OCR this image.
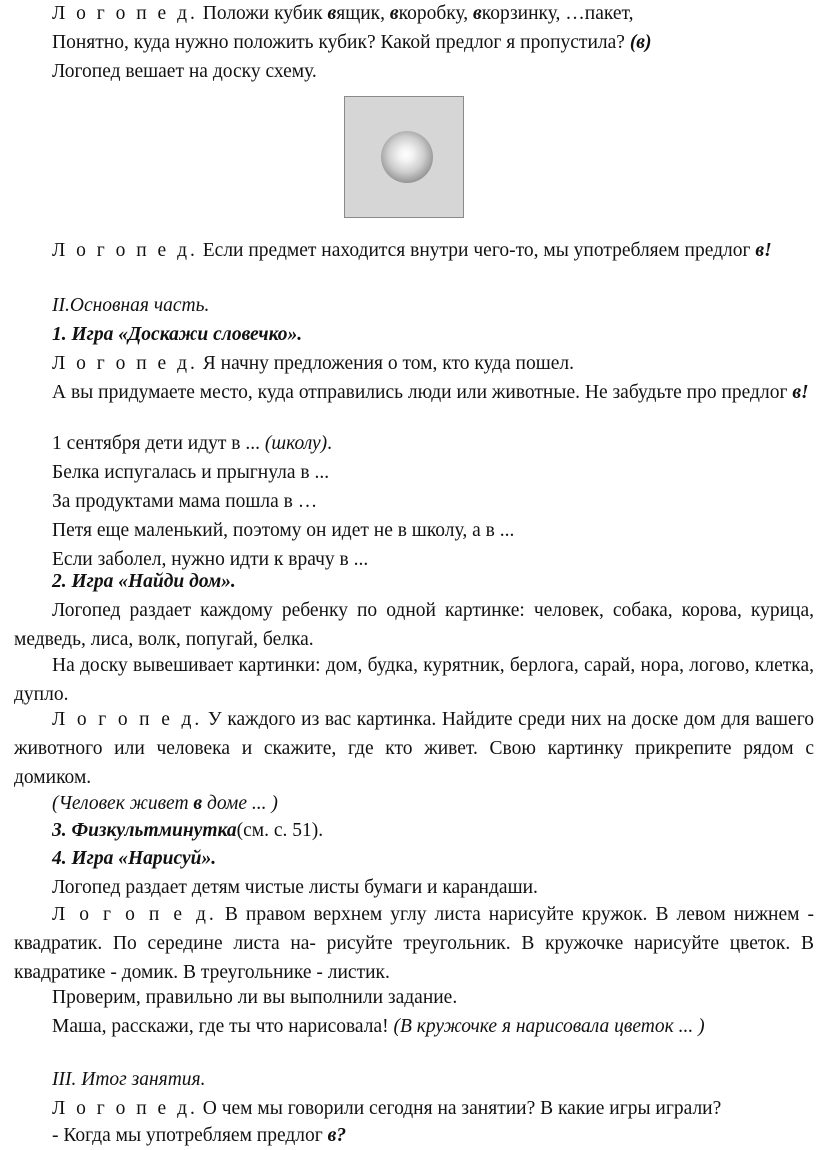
Л о г о п е д. Положи кубик вящик, вкоробку, вкорзинку, …пакет,

Понятно, куда нужно положить кубик? Какой предлог я пропустила? (в)

Логопед вешает на доску схему.

Л о г о п е д. Если предмет находится внутри чего-то, мы употребляем предлог в!

II.Основная часть.

1. Игра «Доскажи словечко».

Л о г о п е д. Я начну предложения о том, кто куда пошел.

А вы придумаете место, куда отправились люди или животные. Не забудьте про предлог в!

1 сентября дети идут в ... (школу).

Белка испугалась и прыгнула в ...

За продуктами мама пошла в …

Петя еще маленький, поэтому он идет не в школу, а в ...

Если заболел, нужно идти к врачу в ...

2. Игра «Найди дом».

Логопед раздает каждому ребенку по одной картинке: человек, собака, корова, курица, медведь, лиса, волк, попугай, белка.

На доску вывешивает картинки: дом, будка, курятник, берлога, сарай, нора, логово, клетка, дупло.

Л о г о п е д. У каждого из вас картинка. Найдите среди них на доске дом для вашего животного или человека и скажите, где кто живет. Свою картинку прикрепите рядом с домиком.

(Человек живет в доме ... )

3. Физкультминутка(см. с. 51).

4. Игра «Нарисуй».

Логопед раздает детям чистые листы бумаги и карандаши.

Л о г о п е д. В правом верхнем углу листа нарисуйте кружок. В левом нижнем - квадратик. По середине листа на- рисуйте треугольник. В кружочке нарисуйте цветок. В квадратике - домик. В треугольнике - листик.

Проверим, правильно ли вы выполнили задание.

Маша, расскажи, где ты что нарисовала! (В кружочке я нарисовала цветок ... )

III. Итог занятия.

Л о г о п е д. О чем мы говорили сегодня на занятии? В какие игры играли?

- Когда мы употребляем предлог в?
